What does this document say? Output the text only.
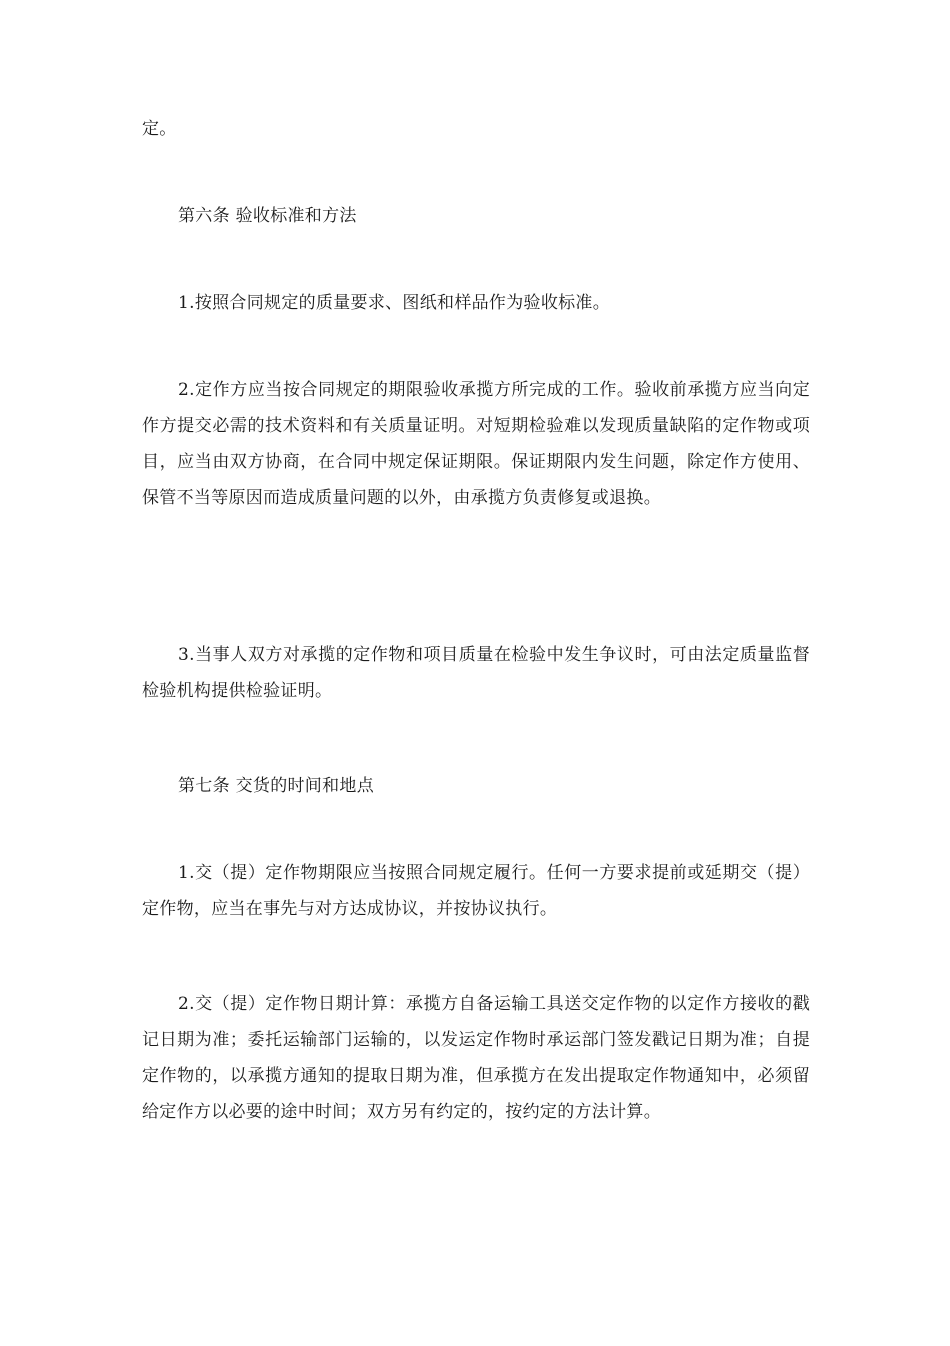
定。

第六条 验收标准和方法

1.按照合同规定的质量要求、图纸和样品作为验收标准。

2.定作方应当按合同规定的期限验收承揽方所完成的工作。验收前承揽方应当向定作方提交必需的技术资料和有关质量证明。对短期检验难以发现质量缺陷的定作物或项目，应当由双方协商，在合同中规定保证期限。保证期限内发生问题，除定作方使用、保管不当等原因而造成质量问题的以外，由承揽方负责修复或退换。

3.当事人双方对承揽的定作物和项目质量在检验中发生争议时，可由法定质量监督检验机构提供检验证明。

第七条 交货的时间和地点

1.交（提）定作物期限应当按照合同规定履行。任何一方要求提前或延期交（提）定作物，应当在事先与对方达成协议，并按协议执行。

2.交（提）定作物日期计算：承揽方自备运输工具送交定作物的以定作方接收的戳记日期为准；委托运输部门运输的，以发运定作物时承运部门签发戳记日期为准；自提定作物的，以承揽方通知的提取日期为准，但承揽方在发出提取定作物通知中，必须留给定作方以必要的途中时间；双方另有约定的，按约定的方法计算。
